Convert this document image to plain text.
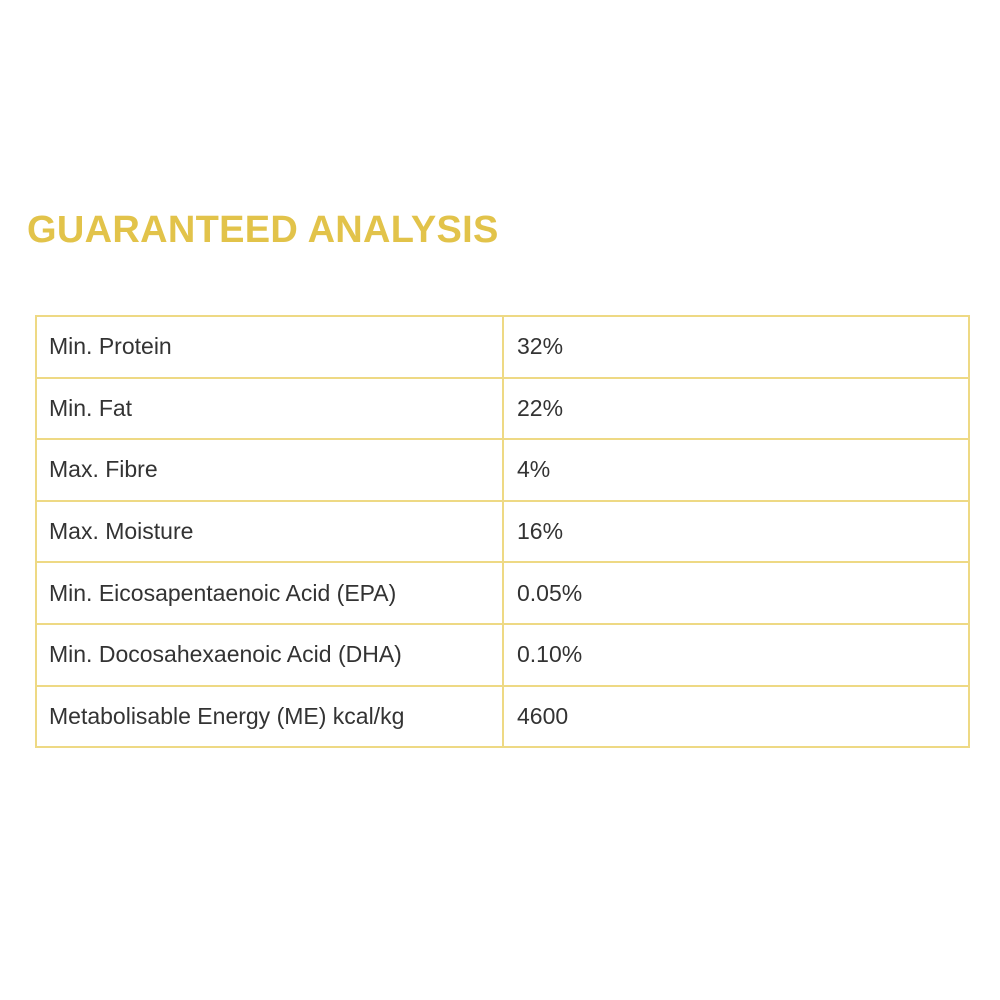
GUARANTEED ANALYSIS
Min. Protein	32%
Min. Fat	22%
Max. Fibre	4%
Max. Moisture	16%
Min. Eicosapentaenoic Acid (EPA)	0.05%
Min. Docosahexaenoic Acid (DHA)	0.10%
Metabolisable Energy (ME) kcal/kg	4600
